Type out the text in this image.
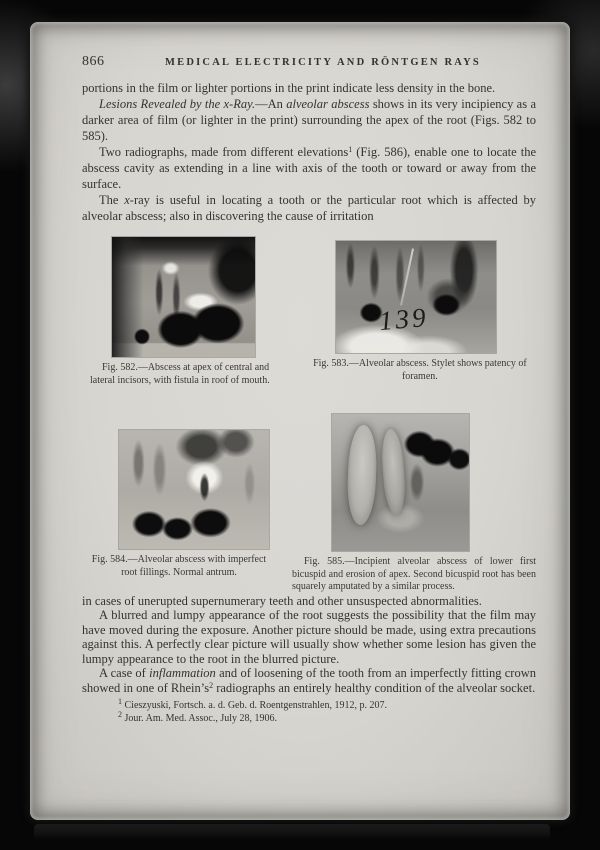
866	MEDICAL ELECTRICITY AND RÖNTGEN RAYS

portions in the film or lighter portions in the print indicate less density in the bone.

Lesions Revealed by the x-Ray.—An alveolar abscess shows in its very incipiency as a darker area of film (or lighter in the print) surrounding the apex of the root (Figs. 582 to 585).

Two radiographs, made from different elevations$^1$ (Fig. 586), enable one to locate the abscess cavity as extending in a line with axis of the tooth or toward or away from the surface.

The x-ray is useful in locating a tooth or the particular root which is affected by alveolar abscess; also in discovering the cause of irritation

Fig. 582.—Abscess at apex of central and lateral incisors, with fistula in roof of mouth.
139
Fig. 583.—Alveolar abscess. Stylet shows patency of foramen.
Fig. 584.—Alveolar abscess with imperfect root fillings. Normal antrum.
Fig. 585.—Incipient alveolar abscess of lower first bicuspid and erosion of apex. Second bicuspid root has been squarely amputated by a similar process.

in cases of unerupted supernumerary teeth and other unsuspected abnormalities.

A blurred and lumpy appearance of the root suggests the possibility that the film may have moved during the exposure. Another picture should be made, using extra precautions against this. A perfectly clear picture will usually show whether some lesion has given the lumpy appearance to the root in the blurred picture.

A case of inflammation and of loosening of the tooth from an imperfectly fitting crown showed in one of $Rhein’s^2$ radiographs an entirely healthy condition of the alveolar socket.

$^1$ Cieszyuski, Fortsch. a. d. Geb. d. Roentgenstrahlen, 1912, p. 207.

$^2$ Jour. Am. Med. Assoc., July 28, 1906.
